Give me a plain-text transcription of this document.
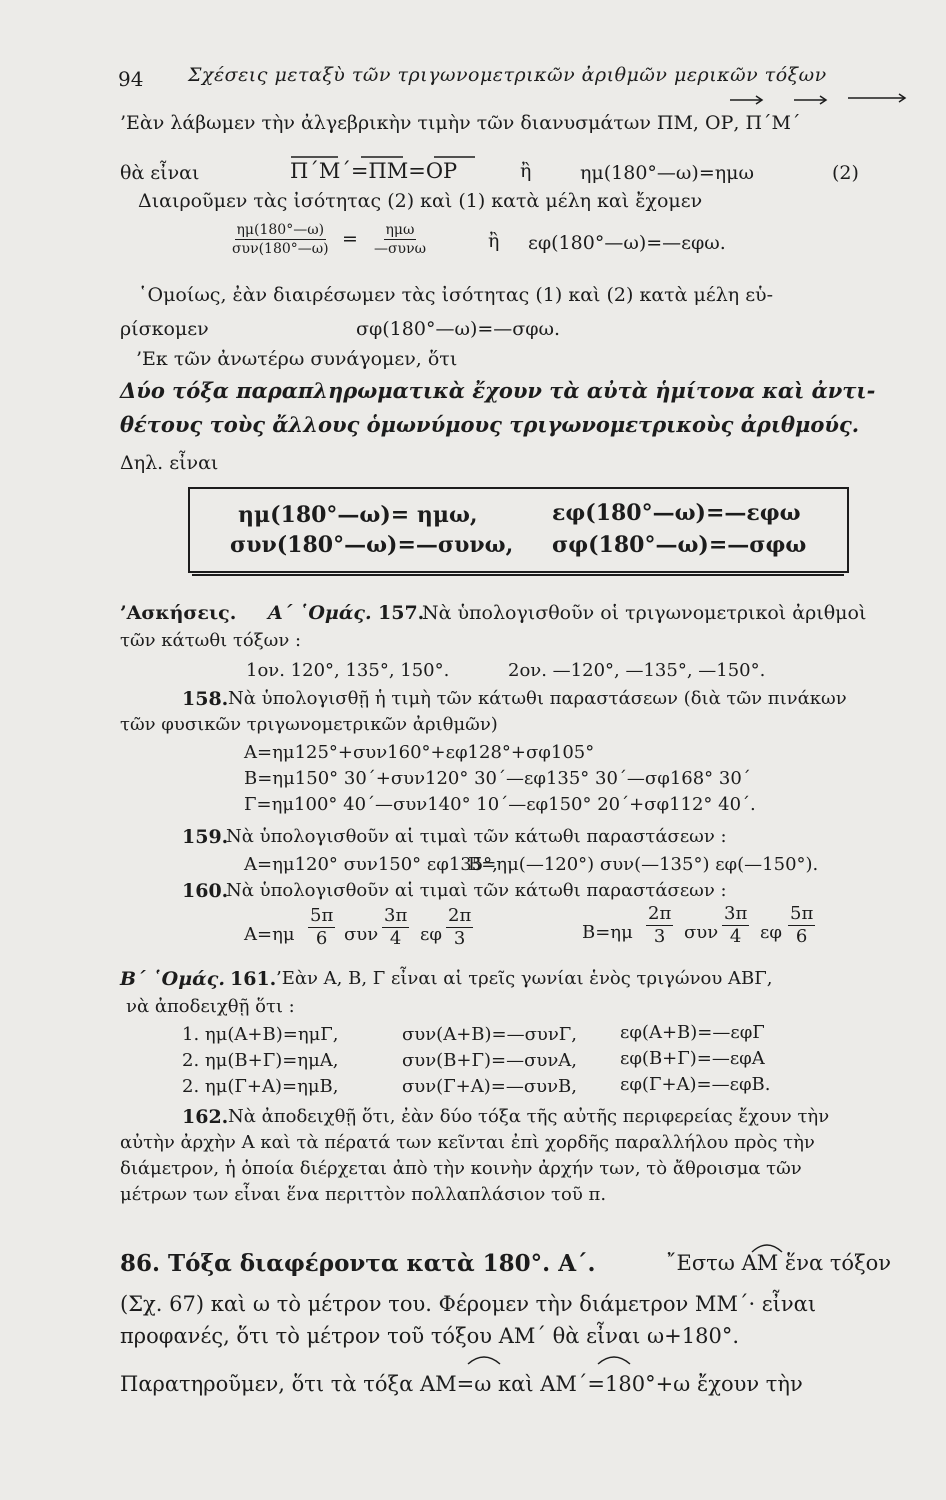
94 Σχέσεις μεταξὺ τῶν τριγωνομετρικῶν ἀριθμῶν μερικῶν τόξων
’Εὰν λάβωμεν τὴν ἀλγεβρικὴν τιμὴν τῶν διανυσμάτων ΠΜ, ΟΡ, Π΄Μ΄
θὰ εἶναι	Π΄Μ΄=ΠΜ=ΟΡ	ἢ	ημ(180°—ω)=ημω	(2)
Διαιροῦμεν τὰς ἰσότητας (2) καὶ (1) κατὰ μέλη καὶ ἔχομεν
ημ(180°—ω)
συν(180°—ω) = ημω
—συνω	ἢ εφ(180°—ω)=—εφω.
῾Ομοίως, ἐὰν διαιρέσωμεν τὰς ἰσότητας (1) καὶ (2) κατὰ μέλη εὑ-
ρίσκομεν	σφ(180°—ω)=—σφω.
’Εκ τῶν ἀνωτέρω συνάγομεν, ὅτι
Δύο τόξα παραπληρωματικὰ ἔχουν τὰ αὐτὰ ἡμίτονα καὶ ἀντι-
θέτους τοὺς ἄλλους ὁμωνύμους τριγωνομετρικοὺς ἀριθμούς.
Δηλ. εἶναι
ημ(180°—ω)= ημω,	εφ(180°—ω)=—εφω
συν(180°—ω)=—συνω, σφ(180°—ω)=—σφω
’Ασκήσεις. Α΄ ῾Ομάς. 157.
Νὰ ὑπολογισθοῦν οἱ τριγωνομετρικοὶ ἀριθμοὶ
τῶν κάτωθι τόξων :
1ον. 120°, 135°, 150°.	2ον. —120°, —135°, —150°.
158. Νὰ ὑπολογισθῇ ἡ τιμὴ τῶν κάτωθι παραστάσεων (διὰ τῶν πινάκων
τῶν φυσικῶν τριγωνομετρικῶν ἀριθμῶν)
Α=ημ125°+συν160°+εφ128°+σφ105°
Β=ημ150° 30΄+συν120° 30΄—εφ135° 30΄—σφ168° 30΄
Γ=ημ100° 40΄—συν140° 10΄—εφ150° 20΄+σφ112° 40΄.
159.
Νὰ ὑπολογισθοῦν αἱ τιμαὶ τῶν κάτωθι παραστάσεων :
Α=ημ120° συν150° εφ135°,
Β=ημ(—120°) συν(—135°) εφ(—150°).
160.
Νὰ ὑπολογισθοῦν αἱ τιμαὶ τῶν κάτωθι παραστάσεων :
$A=\eta\mu \frac{5\pi}{6}$ συν $\frac{3\pi}{4}$ εφ $\frac{2\pi}{3}$	$B=\eta\mu \frac{2\pi}{3}$ συν $\frac{3\pi}{4}$ εφ $\frac{5\pi}{6}$
Β΄ ῾Ομάς. 161. ’Εὰν Α, Β, Γ εἶναι αἱ τρεῖς γωνίαι ἑνὸς τριγώνου ΑΒΓ,
νὰ ἀποδειχθῇ ὅτι :
1. ημ(Α+Β)=ημΓ,	συν(Α+Β)=—συνΓ, εφ(Α+Β)=—εφΓ
2. ημ(Β+Γ)=ημΑ,	συν(Β+Γ)=—συνΑ, εφ(Β+Γ)=—εφΑ
2. ημ(Γ+Α)=ημΒ,	συν(Γ+Α)=—συνΒ, εφ(Γ+Α)=—εφΒ.
162. Νὰ ἀποδειχθῇ ὅτι, ἐὰν δύο τόξα τῆς αὐτῆς περιφερείας ἔχουν τὴν
αὐτὴν ἀρχὴν Α καὶ τὰ πέρατά των κεῖνται ἐπὶ χορδῆς παραλλήλου πρὸς τὴν
διάμετρον, ἡ ὁποία διέρχεται ἀπὸ τὴν κοινὴν ἀρχήν των, τὸ ἄθροισμα τῶν
μέτρων των εἶναι ἕνα περιττὸν πολλαπλάσιον τοῦ π.
86. Τόξα διαφέροντα κατὰ 180°. Α΄.	῎Εστω ΑΜ ἕνα τόξον
(Σχ. 67) καὶ ω τὸ μέτρον του. Φέρομεν τὴν διάμετρον ΜΜ΄· εἶναι
προφανές, ὅτι τὸ μέτρον τοῦ τόξου ΑΜ΄ θὰ εἶναι ω+180°.
Παρατηροῦμεν, ὅτι τὰ τόξα ΑΜ=ω καὶ ΑΜ΄=180°+ω ἔχουν τὴν
